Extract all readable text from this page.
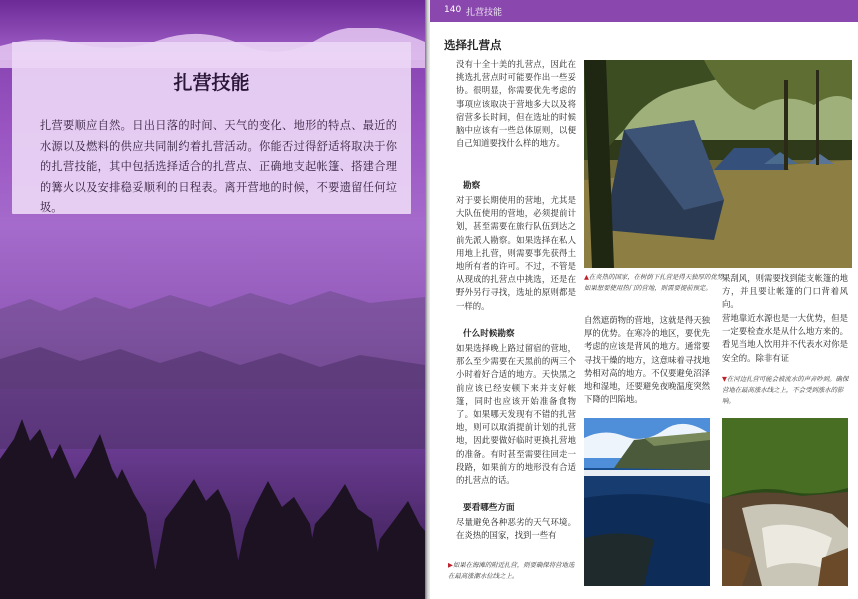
扎营技能
扎营要顺应自然。日出日落的时间、天气的变化、地形的特点、最近的水源以及燃料的供应共同制约着扎营活动。你能否过得舒适将取决于你的扎营技能，其中包括选择适合的扎营点、正确地支起帐篷、搭建合理的篝火以及安排稳妥顺利的日程表。离开营地的时候，不要遗留任何垃圾。
140 扎营技能
选择扎营点
没有十全十美的扎营点，因此在挑选扎营点时可能要作出一些妥协。很明显，你需要优先考虑的事项应该取决于营地多大以及将宿营多长时间，但在选址的时候脑中应该有一些总体原则，以便自己知道要找什么样的地方。
勘察
对于要长期使用的营地，尤其是大队伍使用的营地，必须提前计划，甚至需要在旅行队伍到达之前先派人勘察。如果选择在私人用地上扎营，则需要事先获得土地所有者的许可。不过，不管是从现成的扎营点中挑选，还是在野外另行寻找，选址的原则都是一样的。
什么时候勘察
如果选择晚上路过留宿的营地，那么至少需要在天黑前的两三个小时着好合适的地方。天快黑之前应该已经安顿下来并支好帐篷，同时也应该开始准备食物了。如果哪天发现有不错的扎营地，则可以取消提前计划的扎营地，因此要做好临时更换扎营地的准备。有时甚至需要往回走一段路，如果前方的地形没有合适的扎营点的话。
要看哪些方面
尽量避免各种恶劣的天气环境。在炎热的国家，找到一些有
▶如果在海滩的附近扎营，则要确保将营地选在最高涨潮水位线之上。
▲在炎热的国家，在树荫下扎营是得天独厚的优势。如果想要使用热门的营地，则需要提前预定。
自然遮荫物的营地，这就是得天独厚的优势。在寒冷的地区，要优先考虑的应该是背风的地方。通常要寻找干燥的地方，这意味着寻找地势相对高的地方。不仅要避免沼泽地和湿地，还要避免夜晚温度突然下降的凹陷地。
果刮风，则需要找到能支帐篷的地方，并且要让帐篷的门口背着风向。
营地靠近水源也是一大优势，但是一定要检查水是从什么地方来的。看见当地人饮用并不代表水对你是安全的。除非有证
▼在河边扎营可能会被流水的声音吵到。确保营地在最高涨水线之上，不会受到涨水的影响。
